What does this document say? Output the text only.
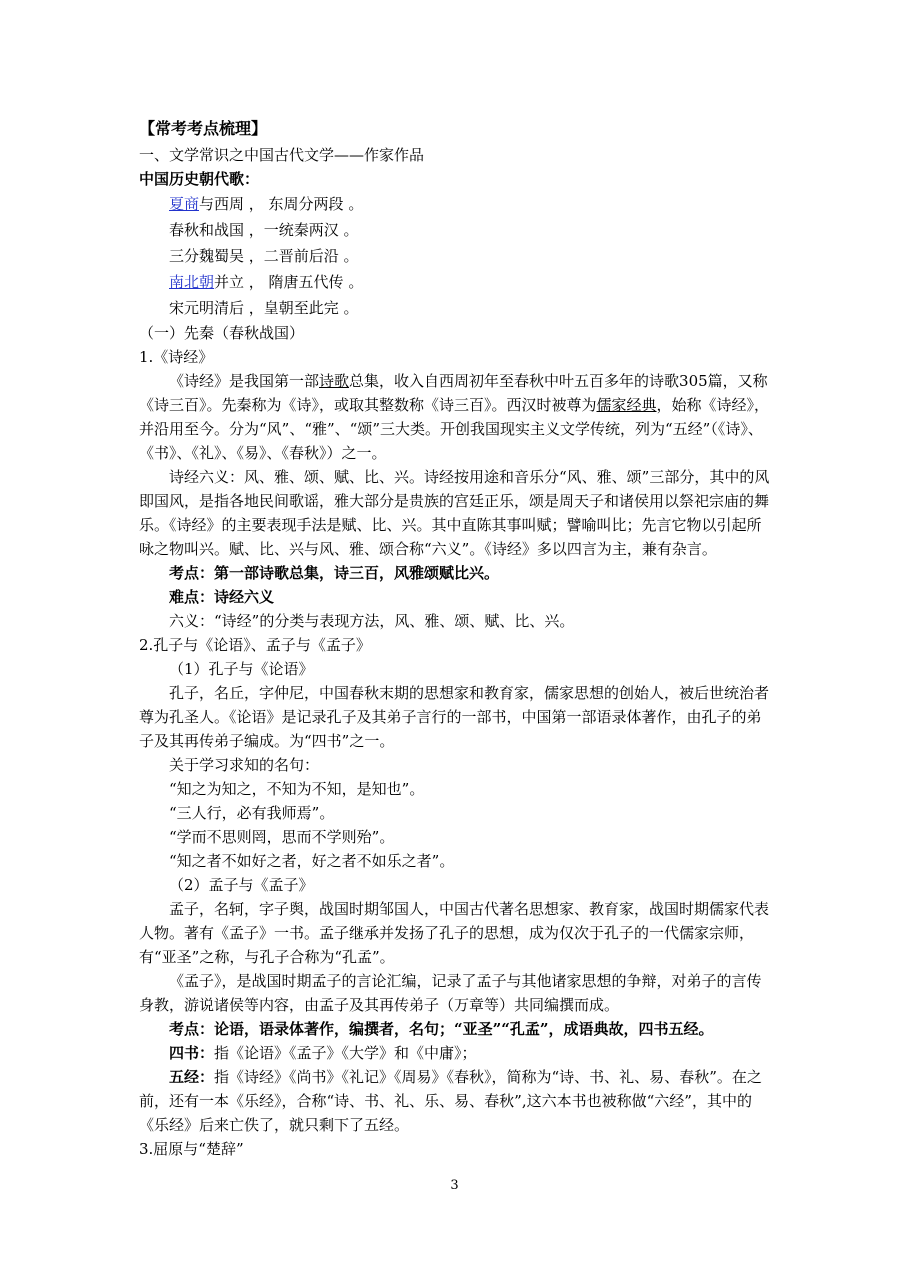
【常考考点梳理】
一、文学常识之中国古代文学——作家作品
中国历史朝代歌：
夏商与西周 ， 东周分两段 。
春秋和战国 ，一统秦两汉 。
三分魏蜀吴 ，二晋前后沿 。
南北朝并立 ， 隋唐五代传 。
宋元明清后 ，皇朝至此完 。
（一）先秦（春秋战国）
1.《诗经》
《诗经》是我国第一部诗歌总集，收入自西周初年至春秋中叶五百多年的诗歌305篇，又称《诗三百》。先秦称为《诗》，或取其整数称《诗三百》。西汉时被尊为儒家经典，始称《诗经》，并沿用至今。分为“风”、“雅”、“颂”三大类。开创我国现实主义文学传统，列为“五经”（《诗》、《书》、《礼》、《易》、《春秋》）之一。
诗经六义：风、雅、颂、赋、比、兴。诗经按用途和音乐分“风、雅、颂”三部分，其中的风即国风，是指各地民间歌谣，雅大部分是贵族的宫廷正乐，颂是周天子和诸侯用以祭祀宗庙的舞乐。《诗经》的主要表现手法是赋、比、兴。其中直陈其事叫赋；譬喻叫比；先言它物以引起所咏之物叫兴。赋、比、兴与风、雅、颂合称“六义”。《诗经》多以四言为主，兼有杂言。
考点：第一部诗歌总集，诗三百，风雅颂赋比兴。
难点：诗经六义
六义：“诗经”的分类与表现方法，风、雅、颂、赋、比、兴。
2.孔子与《论语》、孟子与《孟子》
（1）孔子与《论语》
孔子，名丘，字仲尼，中国春秋末期的思想家和教育家，儒家思想的创始人，被后世统治者尊为孔圣人。《论语》是记录孔子及其弟子言行的一部书，中国第一部语录体著作，由孔子的弟子及其再传弟子编成。为“四书”之一。
关于学习求知的名句：
“知之为知之，不知为不知，是知也”。
“三人行，必有我师焉”。
“学而不思则罔，思而不学则殆”。
“知之者不如好之者，好之者不如乐之者”。
（2）孟子与《孟子》
孟子，名轲，字子舆，战国时期邹国人，中国古代著名思想家、教育家，战国时期儒家代表人物。著有《孟子》一书。孟子继承并发扬了孔子的思想，成为仅次于孔子的一代儒家宗师，有“亚圣”之称，与孔子合称为“孔孟”。
《孟子》，是战国时期孟子的言论汇编，记录了孟子与其他诸家思想的争辩，对弟子的言传身教，游说诸侯等内容，由孟子及其再传弟子（万章等）共同编撰而成。
考点：论语，语录体著作，编撰者，名句；“亚圣”“孔孟”，成语典故，四书五经。
四书：指《论语》《孟子》《大学》和《中庸》；
五经：指《诗经》《尚书》《礼记》《周易》《春秋》，简称为“诗、书、礼、易、春秋”。在之前，还有一本《乐经》，合称“诗、书、礼、乐、易、春秋”,这六本书也被称做“六经”，其中的《乐经》后来亡佚了，就只剩下了五经。
3.屈原与“楚辞”
3
